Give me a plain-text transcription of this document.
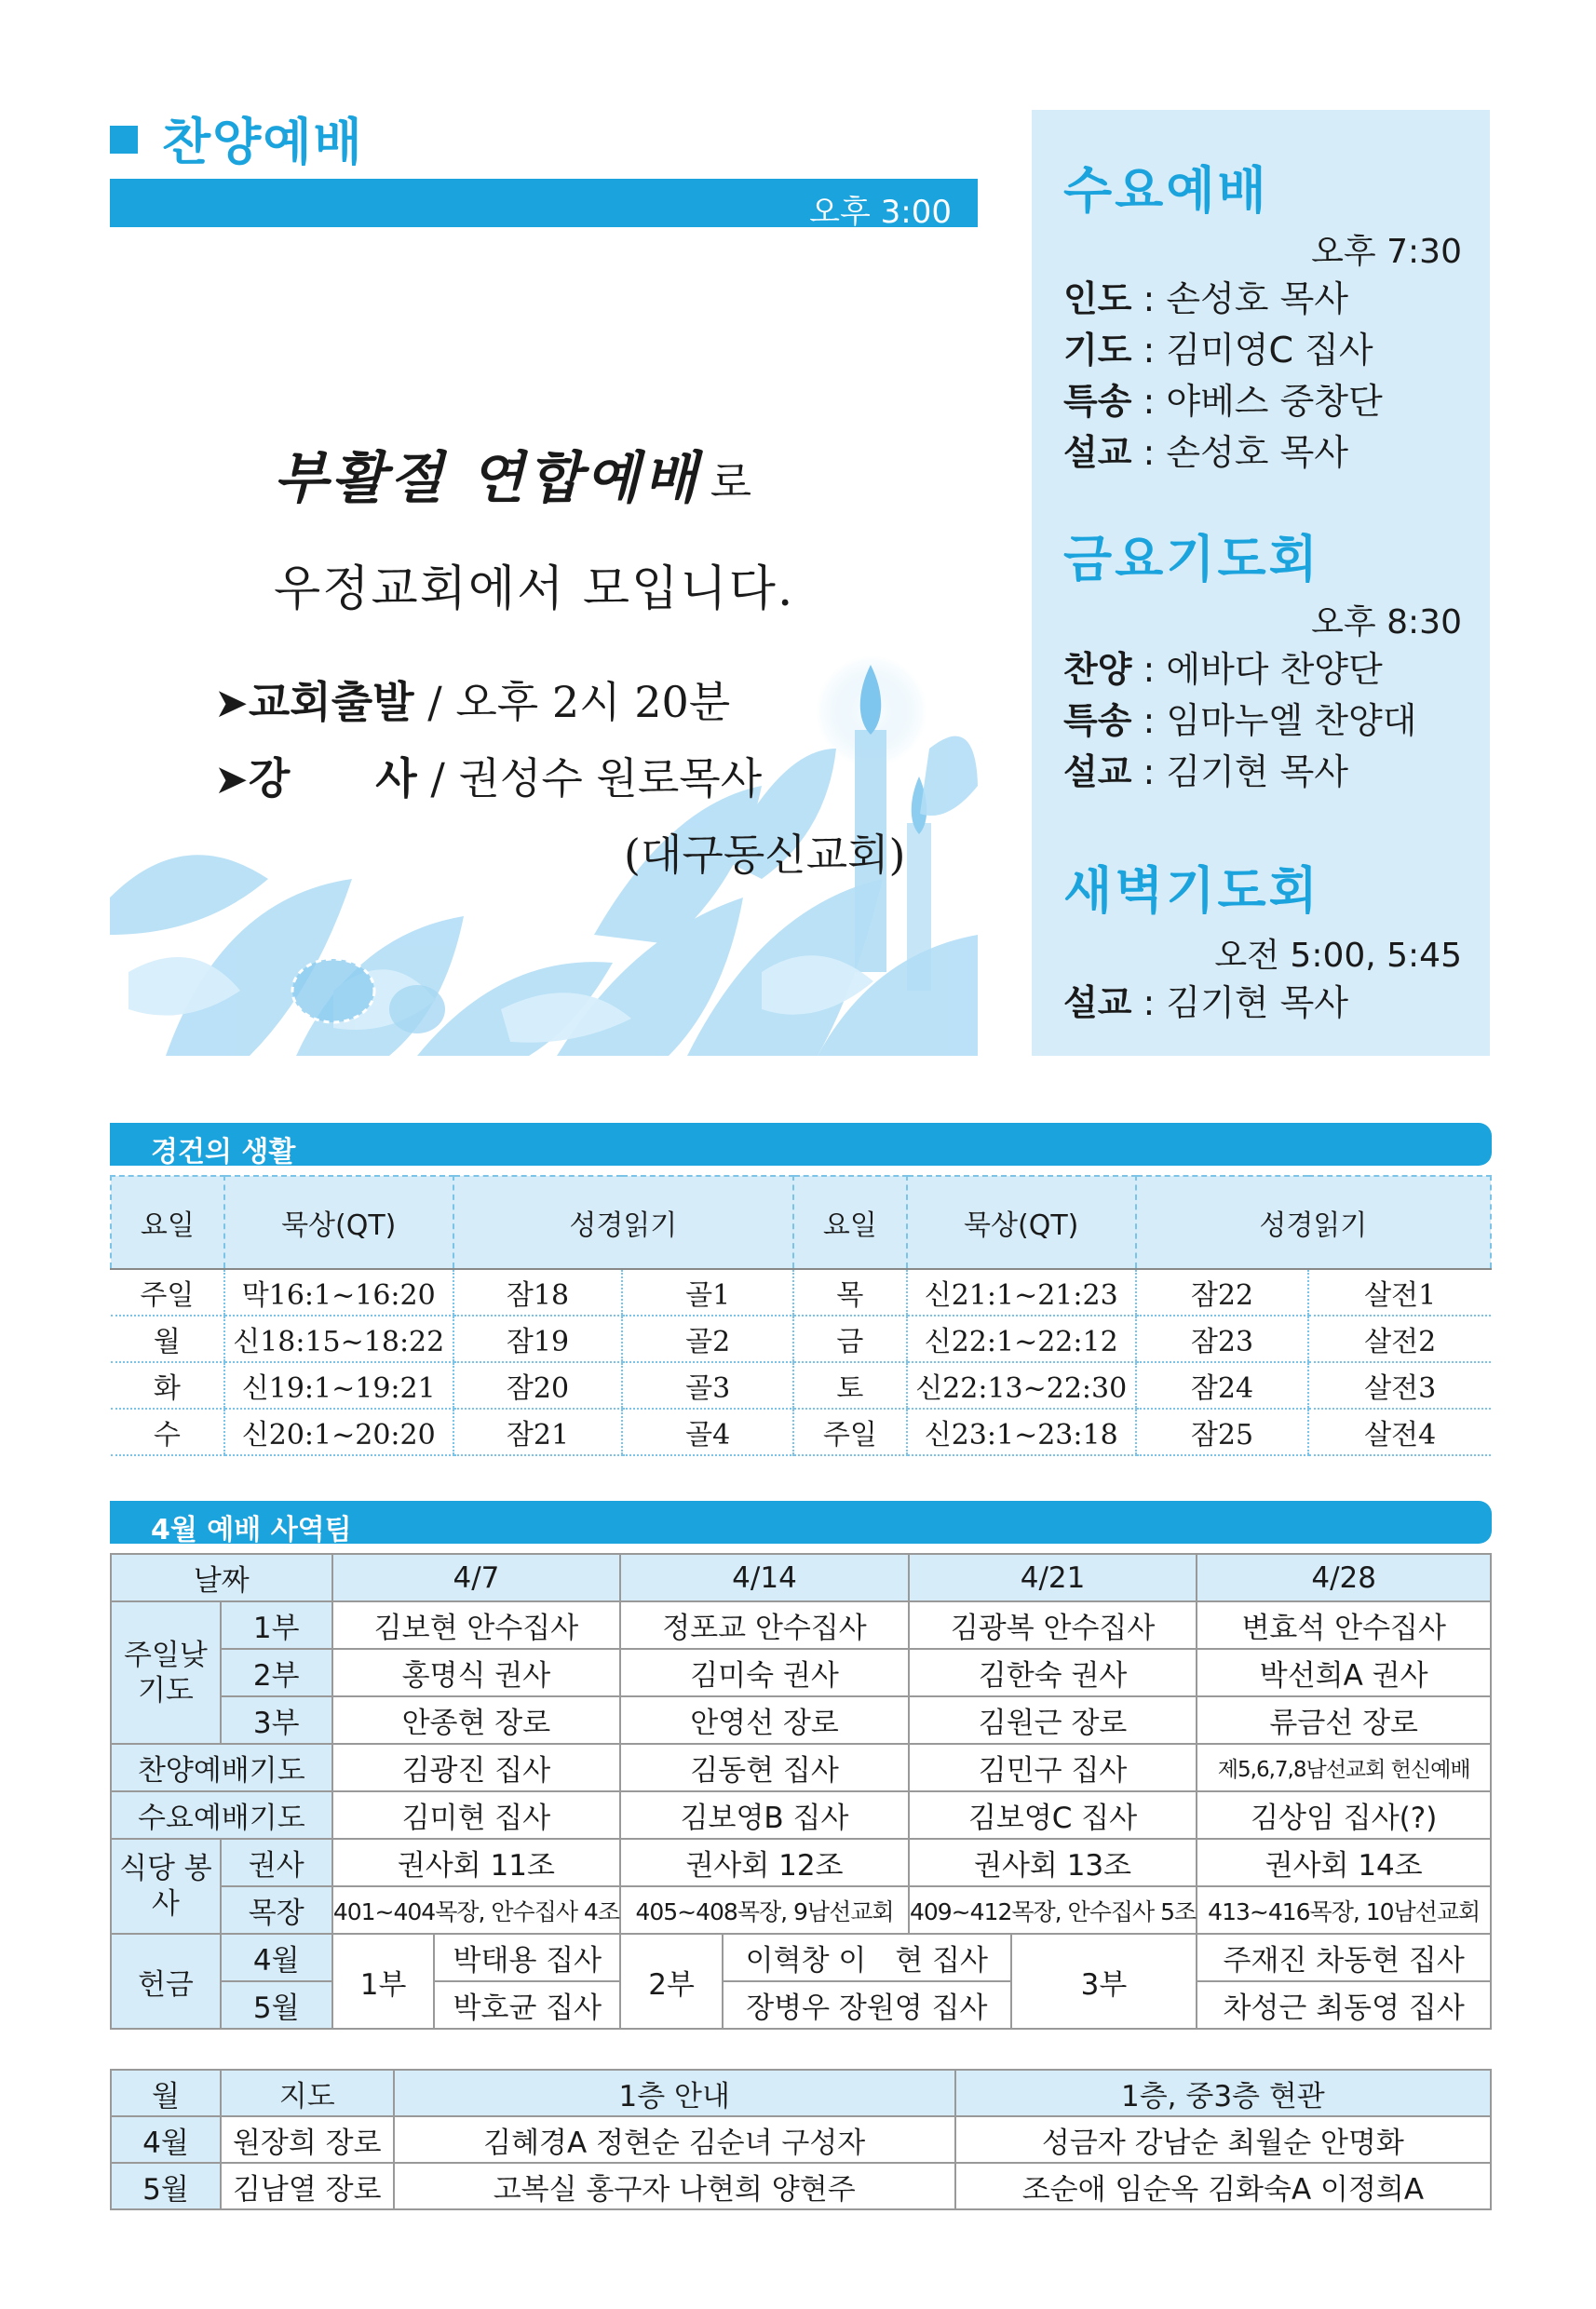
찬양예배
오후 3:00
부활절 연합예배 로
우정교회에서 모입니다.
➤교회출발 / 오후 2시 20분
➤강　　사 / 권성수 원로목사
(대구동신교회)
수요예배
오후 7:30
인도 : 손성호 목사
기도 : 김미영C 집사
특송 : 야베스 중창단
설교 : 손성호 목사
금요기도회
오후 8:30
찬양 : 에바다 찬양단
특송 : 임마누엘 찬양대
설교 : 김기현 목사
새벽기도회
오전 5:00, 5:45
설교 : 김기현 목사
경건의 생활
요일	묵상(QT)	성경읽기		요일	묵상(QT)	성경읽기	
주일	막16:1~16:20	잠18	골1	목	신21:1~21:23	잠22	살전1
월	신18:15~18:22	잠19	골2	금	신22:1~22:12	잠23	살전2
화	신19:1~19:21	잠20	골3	토	신22:13~22:30	잠24	살전3
수	신20:1~20:20	잠21	골4	주일	신23:1~23:18	잠25	살전4
4월 예배 사역팀
날짜		4/7		4/14		4/21		4/28
주일낮 기도	1부	김보현 안수집사		정포교 안수집사		김광복 안수집사		변효석 안수집사
	2부	홍명식 권사		김미숙 권사		김한숙 권사		박선희A 권사
	3부	안종현 장로		안영선 장로		김원근 장로		류금선 장로
찬양예배기도		김광진 집사		김동현 집사		김민구 집사		제5,6,7,8남선교회 헌신예배
수요예배기도		김미현 집사		김보영B 집사		김보영C 집사		김상임 집사(?)
식당 봉사	권사	권사회 11조		권사회 12조		권사회 13조		권사회 14조
	목장	401~404목장, 안수집사 4조		405~408목장, 9남선교회		409~412목장, 안수집사 5조		413~416목장, 10남선교회
헌금	4월	1부	박태용 집사	2부	이혁창 이　현 집사		3부	주재진 차동현 집사
	5월		박호균 집사		장병우 장원영 집사			차성근 최동영 집사
월	지도	1층 안내	1층, 중3층 현관
4월	원장희 장로	김혜경A 정현순 김순녀 구성자	성금자 강남순 최월순 안명화
5월	김남열 장로	고복실 홍구자 나현희 양현주	조순애 임순옥 김화숙A 이정희A
